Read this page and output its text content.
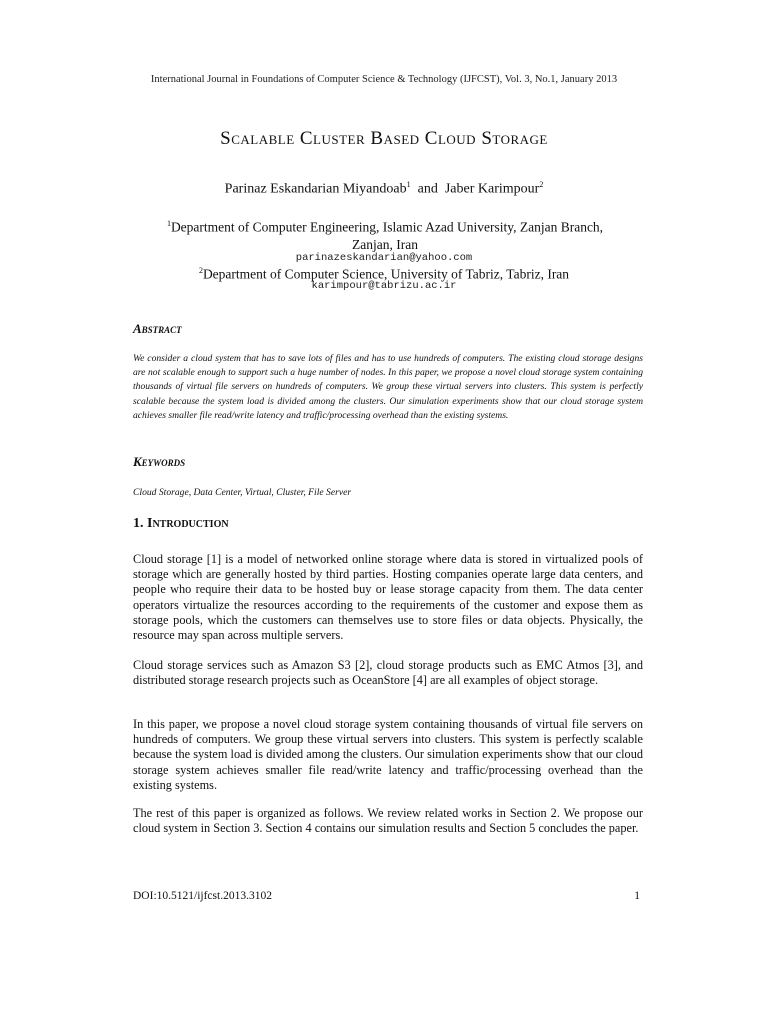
International Journal in Foundations of Computer Science & Technology (IJFCST), Vol. 3, No.1, January 2013
Scalable Cluster Based Cloud Storage
Parinaz Eskandarian Miyandoab$^1$ and Jaber Karimpour$^2$
$^1$Department of Computer Engineering, Islamic Azad University, Zanjan Branch, Zanjan, Iran
parinazeskandarian@yahoo.com
$^2$Department of Computer Science, University of Tabriz, Tabriz, Iran
karimpour@tabrizu.ac.ir
Abstract
We consider a cloud system that has to save lots of files and has to use hundreds of computers. The existing cloud storage designs are not scalable enough to support such a huge number of nodes. In this paper, we propose a novel cloud storage system containing thousands of virtual file servers on hundreds of computers. We group these virtual servers into clusters. This system is perfectly scalable because the system load is divided among the clusters. Our simulation experiments show that our cloud storage system achieves smaller file read/write latency and traffic/processing overhead than the existing systems.
Keywords
Cloud Storage, Data Center, Virtual, Cluster, File Server
1. Introduction
Cloud storage [1] is a model of networked online storage where data is stored in virtualized pools of storage which are generally hosted by third parties. Hosting companies operate large data centers, and people who require their data to be hosted buy or lease storage capacity from them. The data center operators virtualize the resources according to the requirements of the customer and expose them as storage pools, which the customers can themselves use to store files or data objects. Physically, the resource may span across multiple servers.
Cloud storage services such as Amazon S3 [2], cloud storage products such as EMC Atmos [3], and distributed storage research projects such as OceanStore [4] are all examples of object storage.
In this paper, we propose a novel cloud storage system containing thousands of virtual file servers on hundreds of computers. We group these virtual servers into clusters. This system is perfectly scalable because the system load is divided among the clusters. Our simulation experiments show that our cloud storage system achieves smaller file read/write latency and traffic/processing overhead than the existing systems.
The rest of this paper is organized as follows. We review related works in Section 2. We propose our cloud system in Section 3. Section 4 contains our simulation results and Section 5 concludes the paper.
DOI:10.5121/ijfcst.2013.3102	1
